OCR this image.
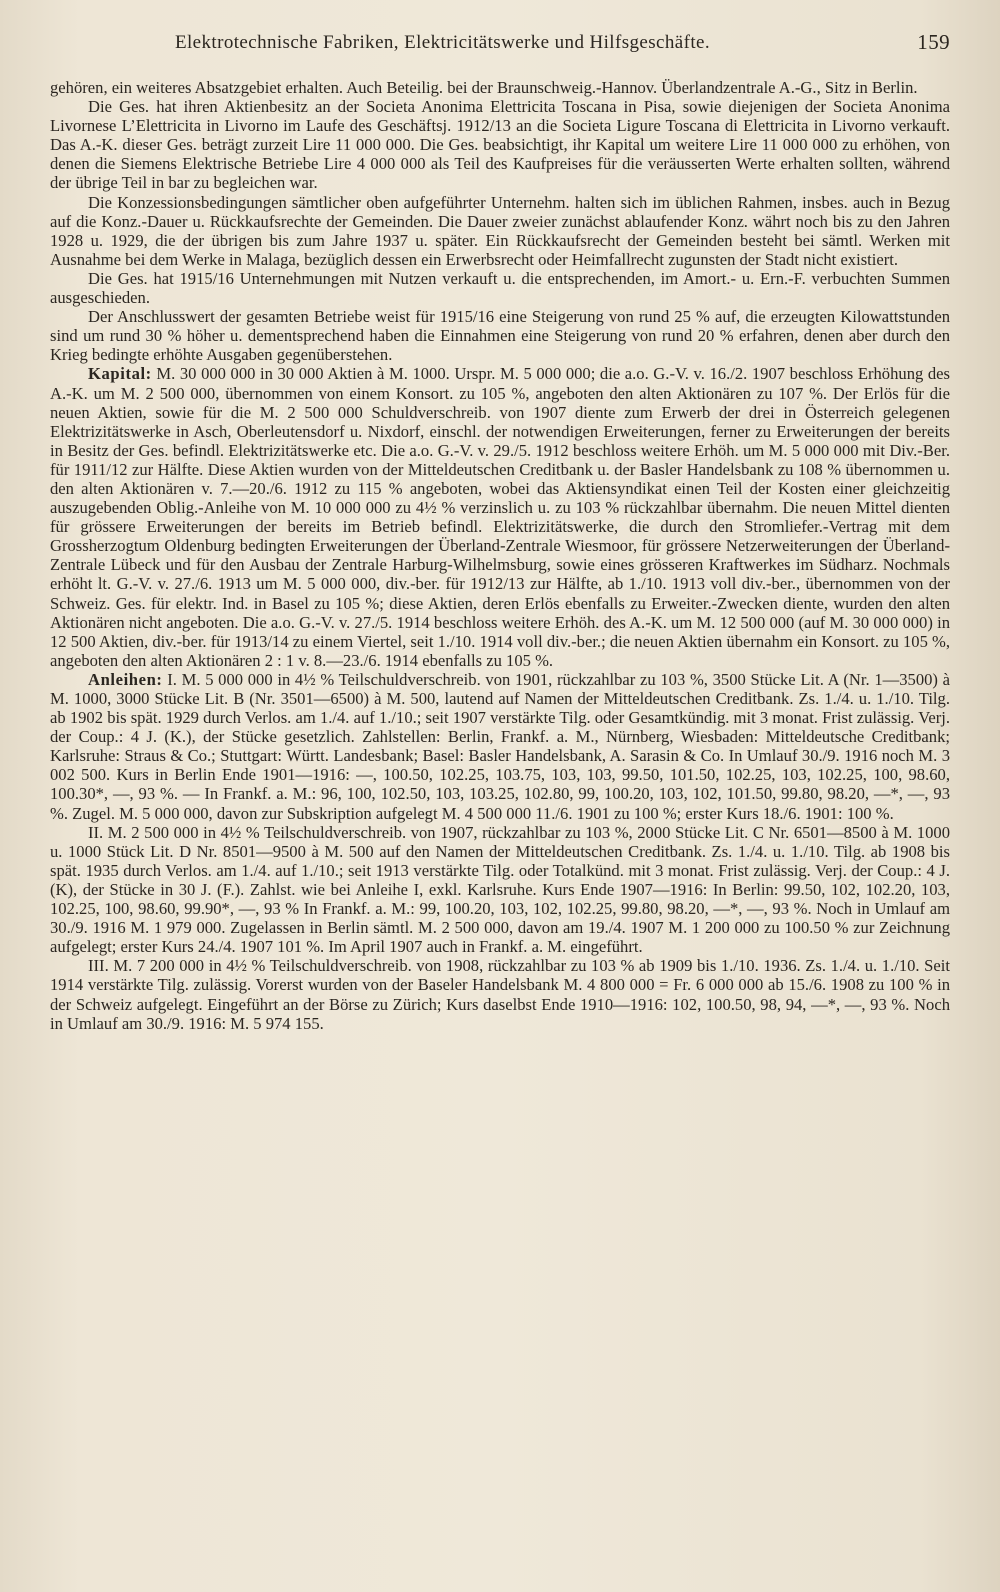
Elektrotechnische Fabriken, Elektricitätswerke und Hilfsgeschäfte.	159

gehören, ein weiteres Absatzgebiet erhalten. Auch Beteilig. bei der Braunschweig.-Hannov. Überlandzentrale A.-G., Sitz in Berlin.

Die Ges. hat ihren Aktienbesitz an der Societa Anonima Elettricita Toscana in Pisa, sowie diejenigen der Societa Anonima Livornese L’Elettricita in Livorno im Laufe des Geschäftsj. 1912/13 an die Societa Ligure Toscana di Elettricita in Livorno verkauft. Das A.-K. dieser Ges. beträgt zurzeit Lire 11 000 000. Die Ges. beabsichtigt, ihr Kapital um weitere Lire 11 000 000 zu erhöhen, von denen die Siemens Elektrische Betriebe Lire 4 000 000 als Teil des Kaufpreises für die veräusserten Werte erhalten sollten, während der übrige Teil in bar zu begleichen war.

Die Konzessionsbedingungen sämtlicher oben aufgeführter Unternehm. halten sich im üblichen Rahmen, insbes. auch in Bezug auf die Konz.-Dauer u. Rückkaufsrechte der Gemeinden. Die Dauer zweier zunächst ablaufender Konz. währt noch bis zu den Jahren 1928 u. 1929, die der übrigen bis zum Jahre 1937 u. später. Ein Rückkaufsrecht der Gemeinden besteht bei sämtl. Werken mit Ausnahme bei dem Werke in Malaga, bezüglich dessen ein Erwerbsrecht oder Heimfallrecht zugunsten der Stadt nicht existiert.

Die Ges. hat 1915/16 Unternehmungen mit Nutzen verkauft u. die entsprechenden, im Amort.- u. Ern.-F. verbuchten Summen ausgeschieden.

Der Anschlusswert der gesamten Betriebe weist für 1915/16 eine Steigerung von rund 25 % auf, die erzeugten Kilowattstunden sind um rund 30 % höher u. dementsprechend haben die Einnahmen eine Steigerung von rund 20 % erfahren, denen aber durch den Krieg bedingte erhöhte Ausgaben gegenüberstehen.

Kapital: M. 30 000 000 in 30 000 Aktien à M. 1000. Urspr. M. 5 000 000; die a.o. G.-V. v. 16./2. 1907 beschloss Erhöhung des A.-K. um M. 2 500 000, übernommen von einem Konsort. zu 105 %, angeboten den alten Aktionären zu 107 %. Der Erlös für die neuen Aktien, sowie für die M. 2 500 000 Schuldverschreib. von 1907 diente zum Erwerb der drei in Österreich gelegenen Elektrizitätswerke in Asch, Oberleutensdorf u. Nixdorf, einschl. der notwendigen Erweiterungen, ferner zu Erweiterungen der bereits in Besitz der Ges. befindl. Elektrizitätswerke etc. Die a.o. G.-V. v. 29./5. 1912 beschloss weitere Erhöh. um M. 5 000 000 mit Div.-Ber. für 1911/12 zur Hälfte. Diese Aktien wurden von der Mitteldeutschen Creditbank u. der Basler Handelsbank zu 108 % übernommen u. den alten Aktionären v. 7.—20./6. 1912 zu 115 % angeboten, wobei das Aktiensyndikat einen Teil der Kosten einer gleichzeitig auszugebenden Oblig.-Anleihe von M. 10 000 000 zu 4½ % verzinslich u. zu 103 % rückzahlbar übernahm. Die neuen Mittel dienten für grössere Erweiterungen der bereits im Betrieb befindl. Elektrizitätswerke, die durch den Stromliefer.-Vertrag mit dem Grossherzogtum Oldenburg bedingten Erweiterungen der Überland-Zentrale Wiesmoor, für grössere Netzerweiterungen der Überland-Zentrale Lübeck und für den Ausbau der Zentrale Harburg-Wilhelmsburg, sowie eines grösseren Kraftwerkes im Südharz. Nochmals erhöht lt. G.-V. v. 27./6. 1913 um M. 5 000 000, div.-ber. für 1912/13 zur Hälfte, ab 1./10. 1913 voll div.-ber., übernommen von der Schweiz. Ges. für elektr. Ind. in Basel zu 105 %; diese Aktien, deren Erlös ebenfalls zu Erweiter.-Zwecken diente, wurden den alten Aktionären nicht angeboten. Die a.o. G.-V. v. 27./5. 1914 beschloss weitere Erhöh. des A.-K. um M. 12 500 000 (auf M. 30 000 000) in 12 500 Aktien, div.-ber. für 1913/14 zu einem Viertel, seit 1./10. 1914 voll div.-ber.; die neuen Aktien übernahm ein Konsort. zu 105 %, angeboten den alten Aktionären 2 : 1 v. 8.—23./6. 1914 ebenfalls zu 105 %.

Anleihen: I. M. 5 000 000 in 4½ % Teilschuldverschreib. von 1901, rückzahlbar zu 103 %, 3500 Stücke Lit. A (Nr. 1—3500) à M. 1000, 3000 Stücke Lit. B (Nr. 3501—6500) à M. 500, lautend auf Namen der Mitteldeutschen Creditbank. Zs. 1./4. u. 1./10. Tilg. ab 1902 bis spät. 1929 durch Verlos. am 1./4. auf 1./10.; seit 1907 verstärkte Tilg. oder Gesamtkündig. mit 3 monat. Frist zulässig. Verj. der Coup.: 4 J. (K.), der Stücke gesetzlich. Zahlstellen: Berlin, Frankf. a. M., Nürnberg, Wiesbaden: Mitteldeutsche Creditbank; Karlsruhe: Straus & Co.; Stuttgart: Württ. Landesbank; Basel: Basler Handelsbank, A. Sarasin & Co. In Umlauf 30./9. 1916 noch M. 3 002 500. Kurs in Berlin Ende 1901—1916: —, 100.50, 102.25, 103.75, 103, 103, 99.50, 101.50, 102.25, 103, 102.25, 100, 98.60, 100.30*, —, 93 %. — In Frankf. a. M.: 96, 100, 102.50, 103, 103.25, 102.80, 99, 100.20, 103, 102, 101.50, 99.80, 98.20, —*, —, 93 %. Zugel. M. 5 000 000, davon zur Subskription aufgelegt M. 4 500 000 11./6. 1901 zu 100 %; erster Kurs 18./6. 1901: 100 %.

II. M. 2 500 000 in 4½ % Teilschuldverschreib. von 1907, rückzahlbar zu 103 %, 2000 Stücke Lit. C Nr. 6501—8500 à M. 1000 u. 1000 Stück Lit. D Nr. 8501—9500 à M. 500 auf den Namen der Mitteldeutschen Creditbank. Zs. 1./4. u. 1./10. Tilg. ab 1908 bis spät. 1935 durch Verlos. am 1./4. auf 1./10.; seit 1913 verstärkte Tilg. oder Totalkünd. mit 3 monat. Frist zulässig. Verj. der Coup.: 4 J. (K), der Stücke in 30 J. (F.). Zahlst. wie bei Anleihe I, exkl. Karlsruhe. Kurs Ende 1907—1916: In Berlin: 99.50, 102, 102.20, 103, 102.25, 100, 98.60, 99.90*, —, 93 % In Frankf. a. M.: 99, 100.20, 103, 102, 102.25, 99.80, 98.20, —*, —, 93 %. Noch in Umlauf am 30./9. 1916 M. 1 979 000. Zugelassen in Berlin sämtl. M. 2 500 000, davon am 19./4. 1907 M. 1 200 000 zu 100.50 % zur Zeichnung aufgelegt; erster Kurs 24./4. 1907 101 %. Im April 1907 auch in Frankf. a. M. eingeführt.

III. M. 7 200 000 in 4½ % Teilschuldverschreib. von 1908, rückzahlbar zu 103 % ab 1909 bis 1./10. 1936. Zs. 1./4. u. 1./10. Seit 1914 verstärkte Tilg. zulässig. Vorerst wurden von der Baseler Handelsbank M. 4 800 000 = Fr. 6 000 000 ab 15./6. 1908 zu 100 % in der Schweiz aufgelegt. Eingeführt an der Börse zu Zürich; Kurs daselbst Ende 1910—1916: 102, 100.50, 98, 94, —*, —, 93 %. Noch in Umlauf am 30./9. 1916: M. 5 974 155.
